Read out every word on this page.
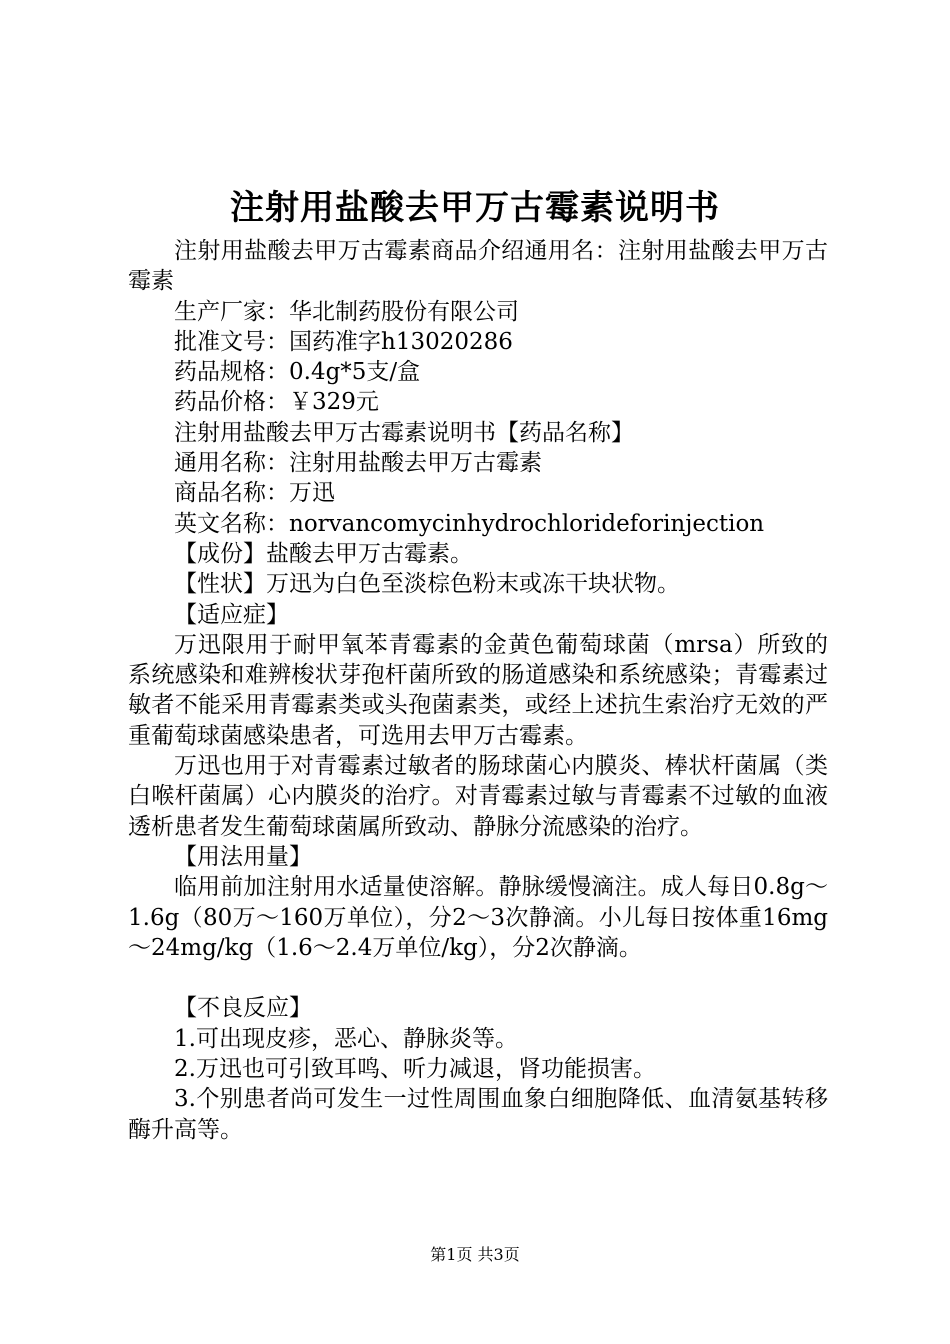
注射用盐酸去甲万古霉素说明书

注射用盐酸去甲万古霉素商品介绍通用名：注射用盐酸去甲万古霉素

生产厂家：华北制药股份有限公司

批准文号：国药准字h13020286

药品规格：0.4g*5支/盒

药品价格：￥329元

注射用盐酸去甲万古霉素说明书【药品名称】

通用名称：注射用盐酸去甲万古霉素

商品名称：万迅

英文名称：norvancomycinhydrochlorideforinjection

【成份】盐酸去甲万古霉素。

【性状】万迅为白色至淡棕色粉末或冻干块状物。

【适应症】

万迅限用于耐甲氧苯青霉素的金黄色葡萄球菌（mrsa）所致的系统感染和难辨梭状芽孢杆菌所致的肠道感染和系统感染；青霉素过敏者不能采用青霉素类或头孢菌素类，或经上述抗生索治疗无效的严重葡萄球菌感染患者，可选用去甲万古霉素。

万迅也用于对青霉素过敏者的肠球菌心内膜炎、棒状杆菌属（类白喉杆菌属）心内膜炎的治疗。对青霉素过敏与青霉素不过敏的血液透析患者发生葡萄球菌属所致动、静脉分流感染的治疗。

【用法用量】

临用前加注射用水适量使溶解。静脉缓慢滴注。成人每日0.8g～1.6g（80万～160万单位），分2～3次静滴。小儿每日按体重16mg～24mg/kg（1.6～2.4万单位/kg），分2次静滴。

【不良反应】

1.可出现皮疹，恶心、静脉炎等。

2.万迅也可引致耳鸣、听力减退，肾功能损害。

3.个别患者尚可发生一过性周围血象白细胞降低、血清氨基转移酶升高等。

第1页 共3页
